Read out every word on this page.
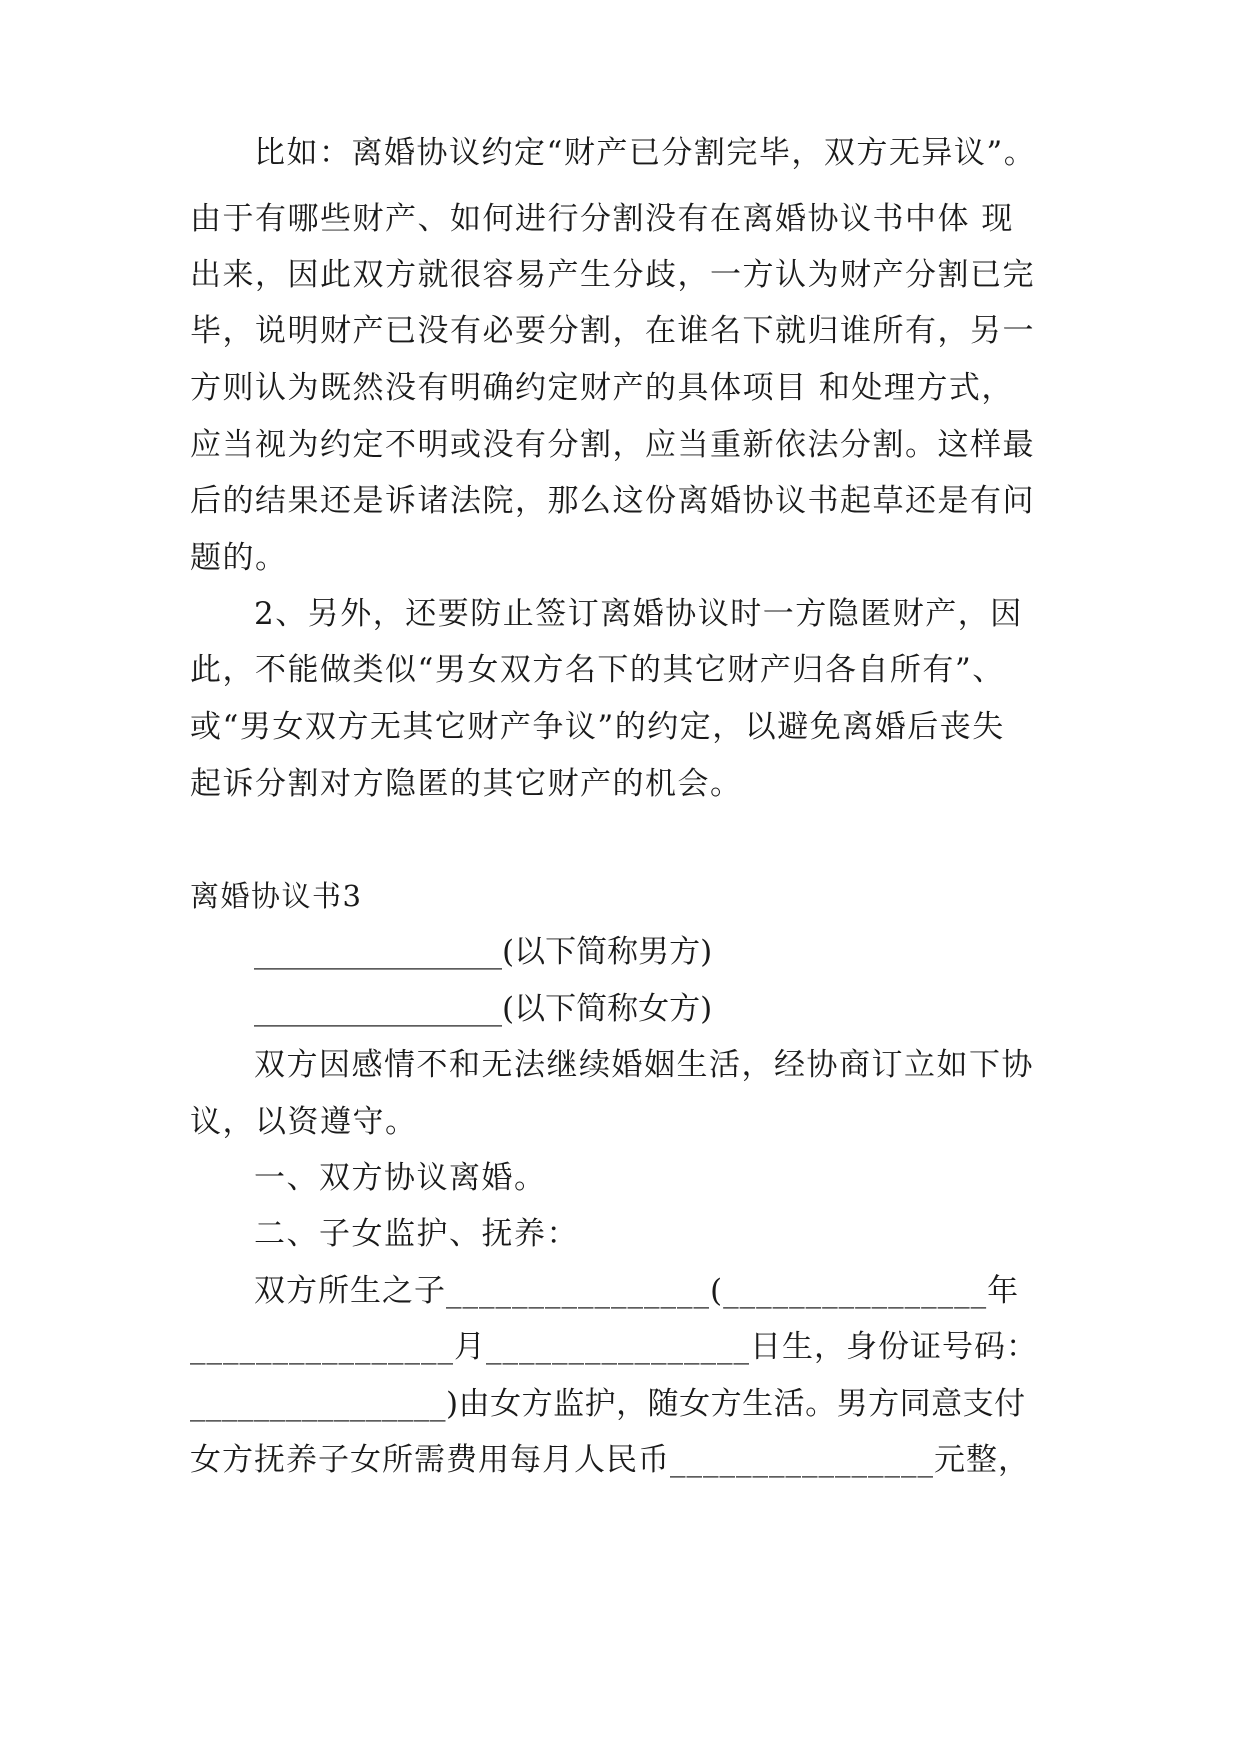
比如：离婚协议约定“财产已分割完毕，双方无异议”。
由于有哪些财产、如何进行分割没有在离婚协议书中体 现
出来，因此双方就很容易产生分歧，一方认为财产分割已完
毕，说明财产已没有必要分割，在谁名下就归谁所有，另一
方则认为既然没有明确约定财产的具体项目 和处理方式，
应当视为约定不明或没有分割，应当重新依法分割。这样最
后的结果还是诉诸法院，那么这份离婚协议书起草还是有问
题的。
2、另外，还要防止签订离婚协议时一方隐匿财产，因
此，不能做类似“男女双方名下的其它财产归各自所有”、
或“男女双方无其它财产争议”的约定，以避免离婚后丧失
起诉分割对方隐匿的其它财产的机会。
离婚协议书3
________________(以下简称男方)
________________(以下简称女方)
双方因感情不和无法继续婚姻生活，经协商订立如下协
议，以资遵守。
一、双方协议离婚。
二、子女监护、抚养：
双方所生之子________________(________________年
________________月________________日生，身份证号码：
________________)由女方监护，随女方生活。男方同意支付
女方抚养子女所需费用每月人民币________________元整，
